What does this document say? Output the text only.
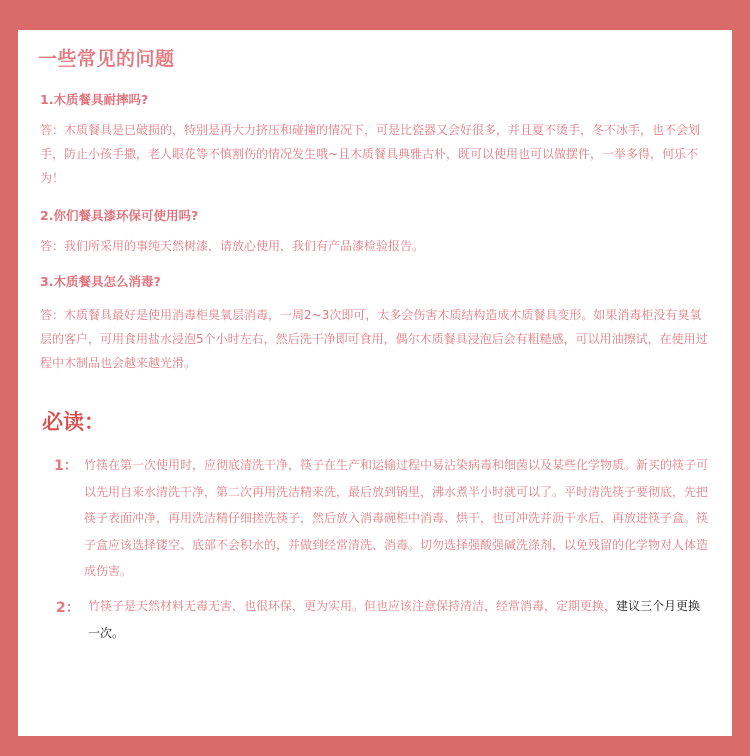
一些常见的问题

1.木质餐具耐摔吗?

答：木质餐具是已破损的，特别是再大力挤压和碰撞的情况下，可是比瓷器又会好很多，并且夏不烫手，冬不冰手，也不会划手，防止小孩手撒，老人眼花等不慎割伤的情况发生哦~且木质餐具典雅古朴，既可以使用也可以做摆件，一举多得，何乐不为！

2.你们餐具漆环保可使用吗?

答：我们所采用的事纯天然树漆，请放心使用，我们有产品漆检验报告。

3.木质餐具怎么消毒?

答：木质餐具最好是使用消毒柜臭氧层消毒，一周2~3次即可，太多会伤害木质结构造成木质餐具变形。如果消毒柜没有臭氧层的客户，可用食用盐水浸泡5个小时左右，然后洗干净即可食用，偶尔木质餐具浸泡后会有粗糙感，可以用油擦试，在使用过程中木制品也会越来越光滑。

必读：
1： 竹筷在第一次使用时，应彻底清洗干净，筷子在生产和运输过程中易沾染病毒和细菌以及某些化学物质。新买的筷子可以先用自来水清洗干净，第二次再用洗洁精来洗，最后放到锅里，沸水煮半小时就可以了。平时清洗筷子要彻底，先把筷子表面冲净，再用洗洁精仔细搓洗筷子，然后放入消毒碗柜中消毒、烘干，也可冲洗并沥干水后，再放进筷子盒。筷子盒应该选择镂空、底部不会积水的，并做到经常清洗、消毒。切勿选择强酸强碱洗涤剂，以免残留的化学物对人体造成伤害。

2： 竹筷子是天然材料无毒无害，也很环保，更为实用。但也应该注意保持清洁，经常消毒，定期更换，建议三个月更换一次。
